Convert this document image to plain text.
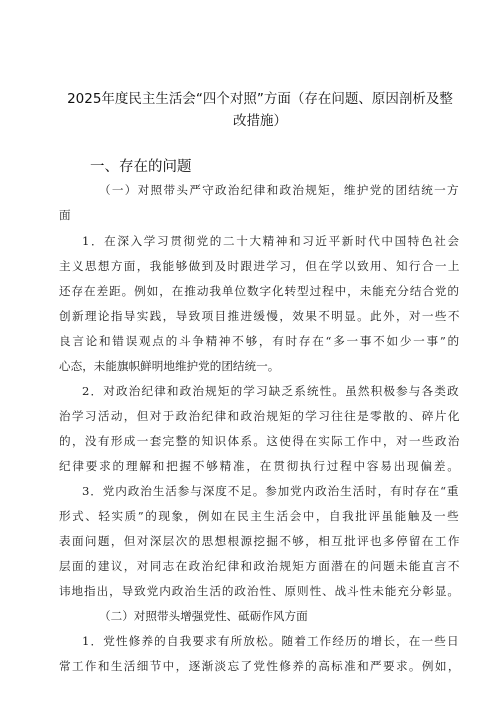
2025年度民主生活会“四个对照”方面（存在问题、原因剖析及整
改措施）
一、存在的问题
（一）对照带头严守政治纪律和政治规矩，维护党的团结统一方
面
1．在深入学习贯彻党的二十大精神和习近平新时代中国特色社会
主义思想方面，我能够做到及时跟进学习，但在学以致用、知行合一上
还存在差距。例如，在推动我单位数字化转型过程中，未能充分结合党的
创新理论指导实践，导致项目推进缓慢，效果不明显。此外，对一些不
良言论和错误观点的斗争精神不够，有时存在“多一事不如少一事”的
心态，未能旗帜鲜明地维护党的团结统一。
2．对政治纪律和政治规矩的学习缺乏系统性。虽然积极参与各类政
治学习活动，但对于政治纪律和政治规矩的学习往往是零散的、碎片化
的，没有形成一套完整的知识体系。这使得在实际工作中，对一些政治
纪律要求的理解和把握不够精准，在贯彻执行过程中容易出现偏差。
3．党内政治生活参与深度不足。参加党内政治生活时，有时存在“重
形式、轻实质”的现象，例如在民主生活会中，自我批评虽能触及一些
表面问题，但对深层次的思想根源挖掘不够，相互批评也多停留在工作
层面的建议，对同志在政治纪律和政治规矩方面潜在的问题未能直言不
讳地指出，导致党内政治生活的政治性、原则性、战斗性未能充分彰显。
（二）对照带头增强党性、砥砺作风方面
1．党性修养的自我要求有所放松。随着工作经历的增长，在一些日
常工作和生活细节中，逐渐淡忘了党性修养的高标准和严要求。例如，
